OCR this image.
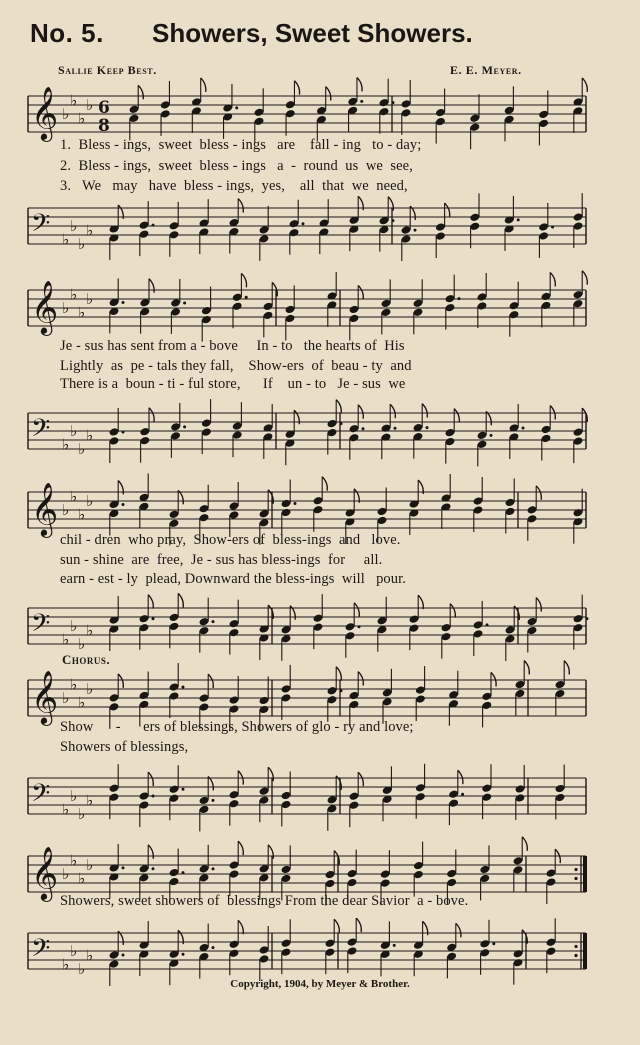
No. 5. Showers, Sweet Showers.
Sallie Keep Best.	E. E. Meyer.
𝄞 ♭
♭
♭
♭ 6
8
1.  Bless - ings,  sweet  bless - ings   are    fall - ing   to - day;
2.  Bless - ings,  sweet  bless - ings   a  -  round  us  we  see,
3.   We   may   have  bless - ings,  yes,    all  that  we  need,
𝄢 ♭
♭
♭
♭
𝄞 ♭
♭
♭
♭
Je - sus has sent from a - bove     In - to   the hearts of  His
Lightly  as  pe - tals they fall,    Show-ers  of  beau - ty  and
There is a  boun - ti - ful store,      If    un - to   Je - sus  we
𝄢 ♭
♭
♭
♭
𝄞 ♭
♭
♭
♭
chil - dren  who pray,  Show-ers of  bless-ings  and   love.
sun - shine  are  free,  Je - sus has bless-ings  for     all.
earn - est - ly  plead, Downward the bless-ings  will   pour.
𝄢 ♭
♭
♭
♭
Chorus.
𝄞 ♭
♭
♭
♭
Show      -      ers of blessings, Showers of glo - ry and love;
Showers of blessings,
𝄢 ♭
♭
♭
♭
𝄞 ♭
♭
♭
♭
Showers, sweet showers of  blessings From the dear Savior  a - bove.
𝄢 ♭
♭
♭
♭
Copyright, 1904, by Meyer & Brother.
